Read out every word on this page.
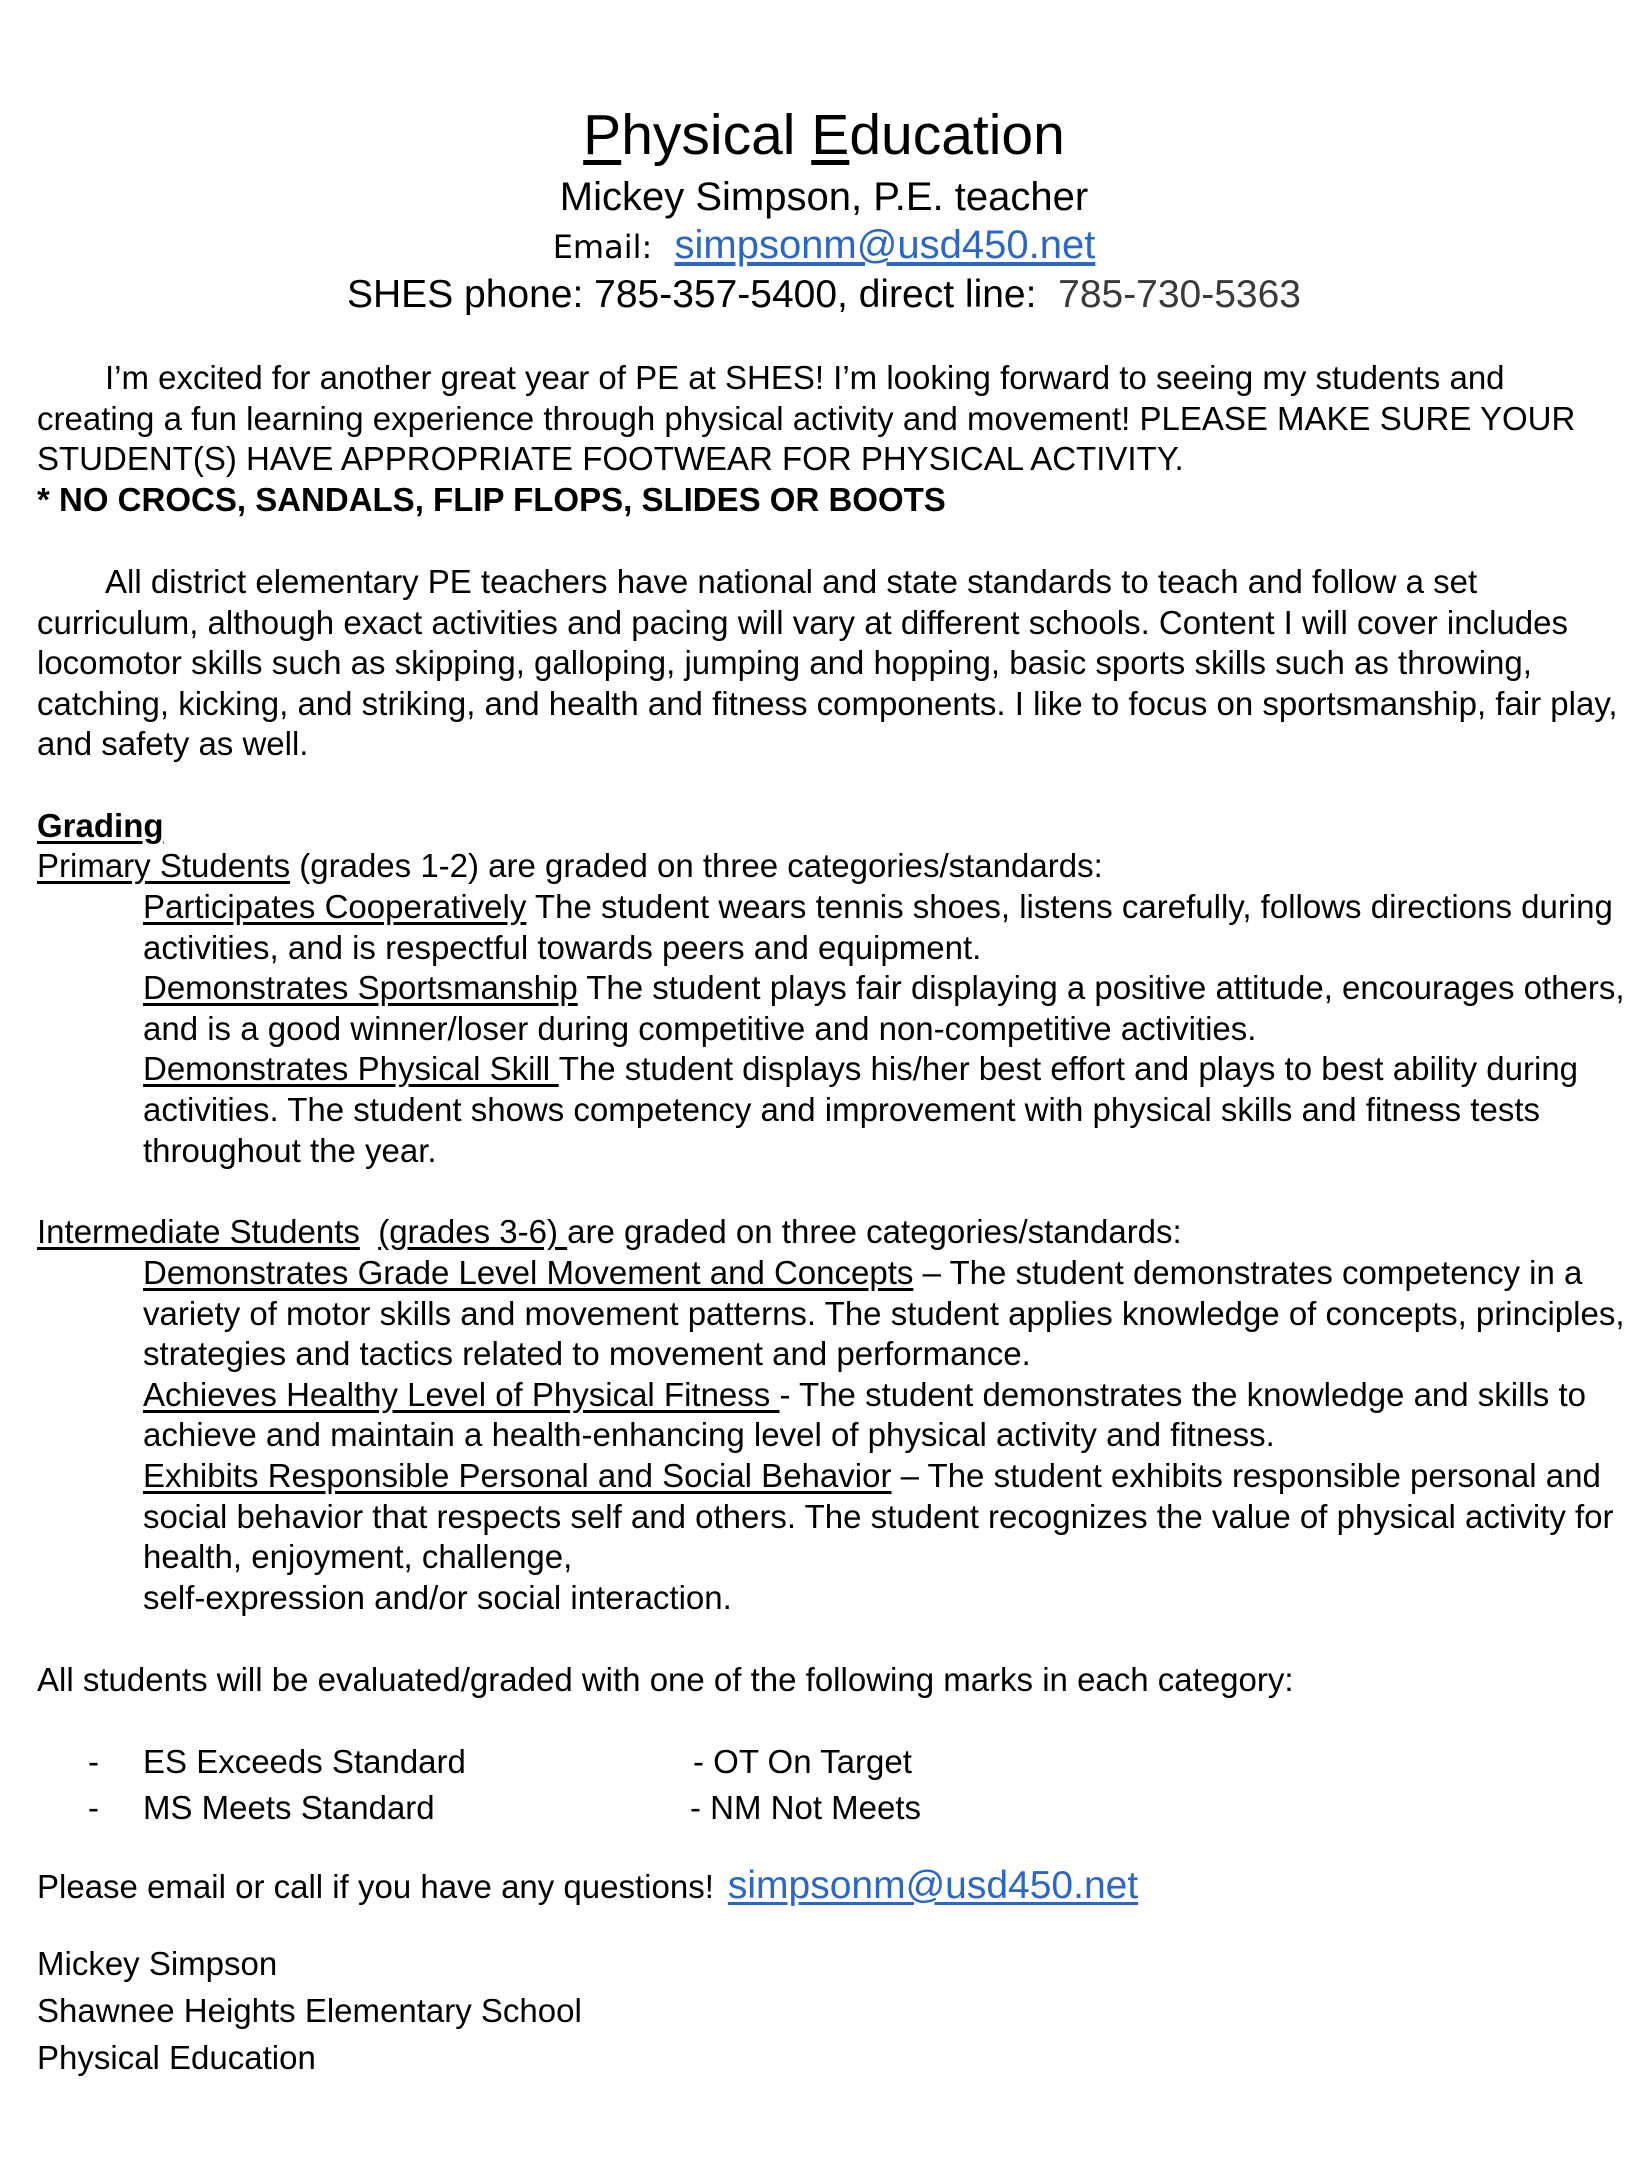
Physical Education
Mickey Simpson, P.E. teacher
Email: simpsonm@usd450.net
SHES phone: 785-357-5400, direct line: 785-730-5363
I’m excited for another great year of PE at SHES! I’m looking forward to seeing my students and creating a fun learning experience through physical activity and movement! PLEASE MAKE SURE YOUR STUDENT(S) HAVE APPROPRIATE FOOTWEAR FOR PHYSICAL ACTIVITY.
* NO CROCS, SANDALS, FLIP FLOPS, SLIDES OR BOOTS
All district elementary PE teachers have national and state standards to teach and follow a set curriculum, although exact activities and pacing will vary at different schools. Content I will cover includes locomotor skills such as skipping, galloping, jumping and hopping, basic sports skills such as throwing, catching, kicking, and striking, and health and fitness components. I like to focus on sportsmanship, fair play, and safety as well.
Grading
Primary Students (grades 1-2) are graded on three categories/standards:

Participates Cooperatively The student wears tennis shoes, listens carefully, follows directions during activities, and is respectful towards peers and equipment.

Demonstrates Sportsmanship The student plays fair displaying a positive attitude, encourages others, and is a good winner/loser during competitive and non-competitive activities.

Demonstrates Physical Skill The student displays his/her best effort and plays to best ability during activities. The student shows competency and improvement with physical skills and fitness tests throughout the year.

Intermediate Students (grades 3-6) are graded on three categories/standards:

Demonstrates Grade Level Movement and Concepts – The student demonstrates competency in a variety of motor skills and movement patterns. The student applies knowledge of concepts, principles, strategies and tactics related to movement and performance.

Achieves Healthy Level of Physical Fitness - The student demonstrates the knowledge and skills to achieve and maintain a health-enhancing level of physical activity and fitness.

Exhibits Responsible Personal and Social Behavior – The student exhibits responsible personal and social behavior that respects self and others. The student recognizes the value of physical activity for health, enjoyment, challenge,
self-expression and/or social interaction.

All students will be evaluated/graded with one of the following marks in each category:
- ES Exceeds Standard
- MS Meets Standard
- OT On Target
- NM Not Meets
Please email or call if you have any questions! simpsonm@usd450.net
Mickey Simpson
Shawnee Heights Elementary School
Physical Education
